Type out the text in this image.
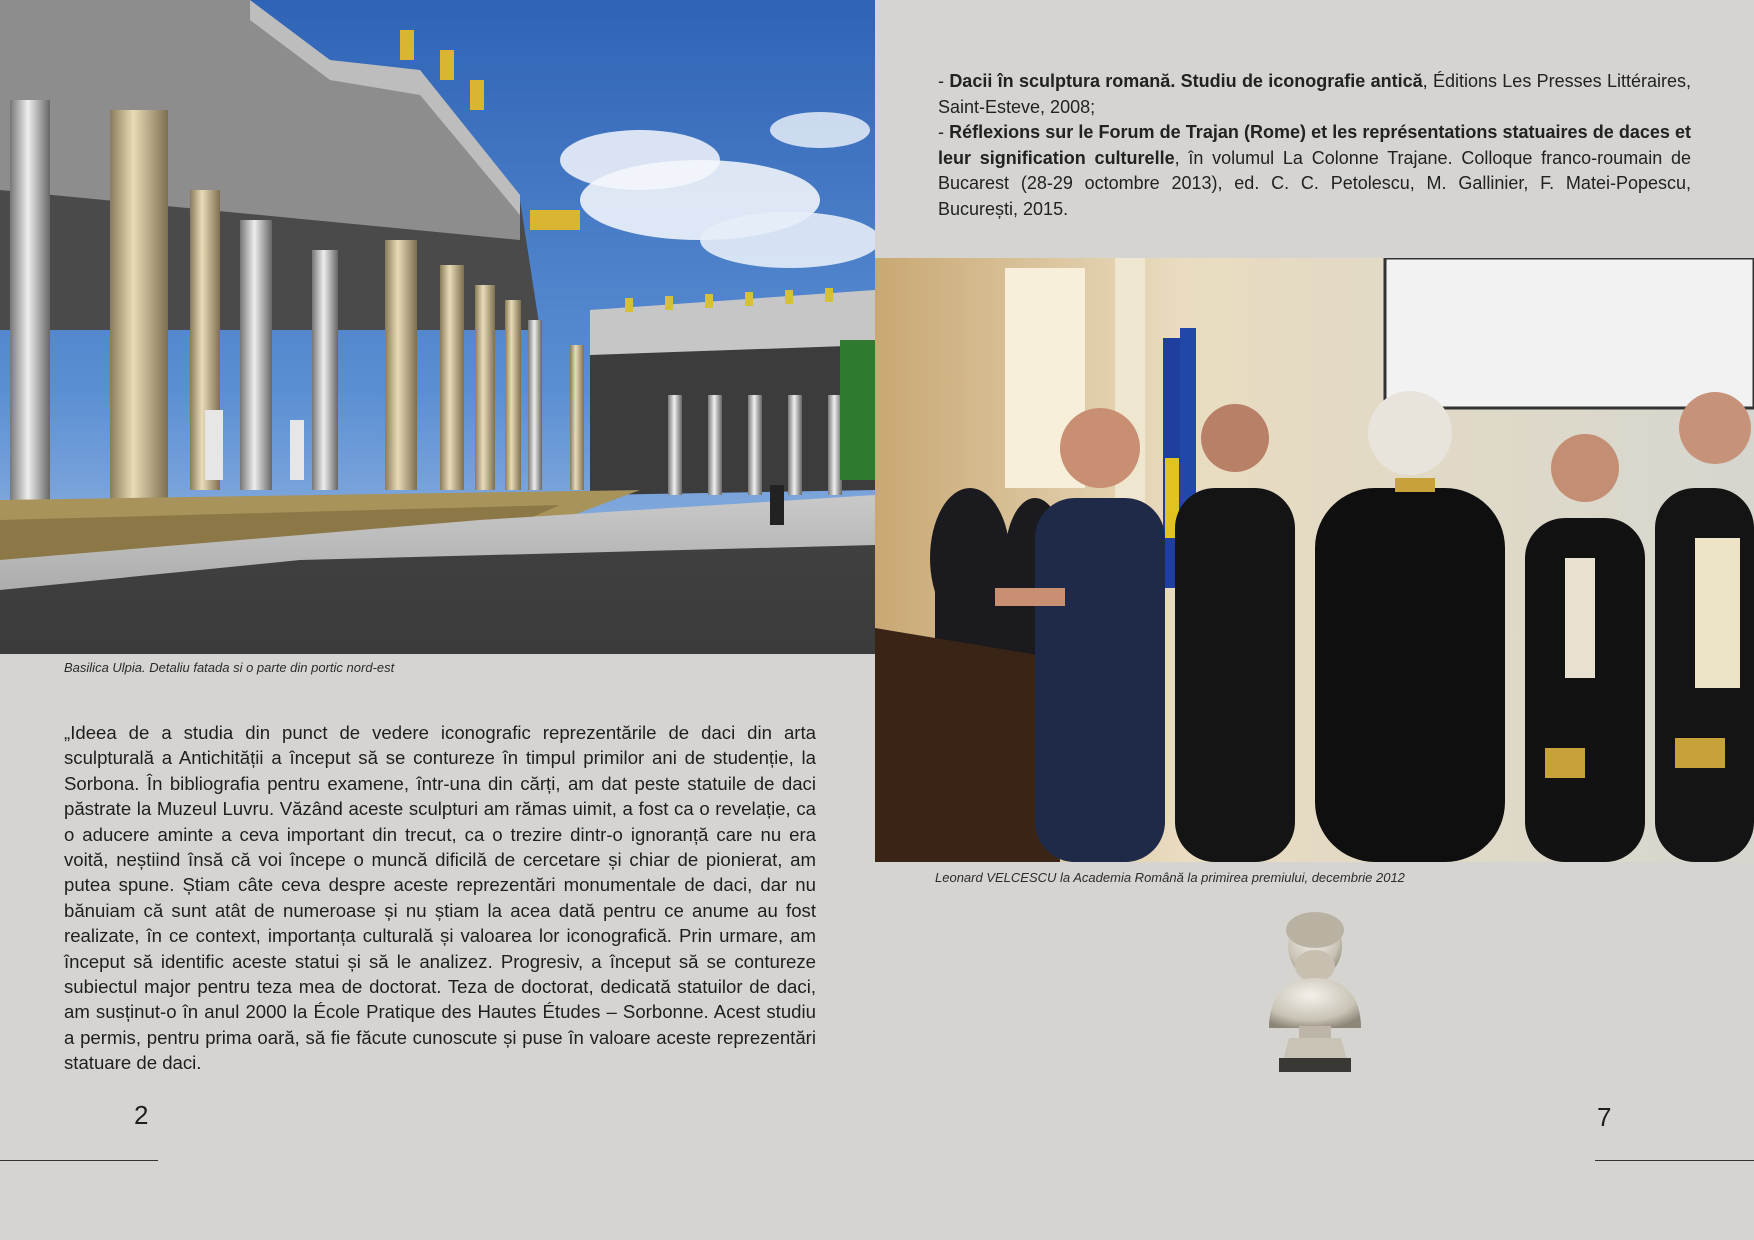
Basilica Ulpia. Detaliu fatada si o parte din portic nord-est
„Ideea de a studia din punct de vedere iconografic reprezentările de daci din arta sculpturală a Antichității a început să se contureze în timpul primilor ani de studenție, la Sorbona. În bibliografia pentru examene, într-una din cărți, am dat peste statuile de daci păstrate la Muzeul Luvru. Văzând aceste sculpturi am rămas uimit, a fost ca o revelație, ca o aducere aminte a ceva important din trecut, ca o trezire dintr-o ignoranță care nu era voită, neștiind însă că voi începe o muncă dificilă de cercetare și chiar de pionierat, am putea spune. Știam câte ceva despre aceste reprezentări monumentale de daci, dar nu bănuiam că sunt atât de numeroase și nu știam la acea dată pentru ce anume au fost realizate, în ce context, importanța culturală și valoarea lor iconografică. Prin urmare, am început să identific aceste statui și să le analizez. Progresiv, a început să se contureze subiectul major pentru teza mea de doctorat. Teza de doctorat, dedicată statuilor de daci, am susținut-o în anul 2000 la École Pratique des Hautes Études – Sorbonne. Acest studiu a permis, pentru prima oară, să fie făcute cunoscute și puse în valoare aceste reprezentări statuare de daci.
2

- Dacii în sculptura romană. Studiu de iconografie antică, Éditions Les Presses Littéraires, Saint-Esteve, 2008;

- Réflexions sur le Forum de Trajan (Rome) et les représentations statuaires de daces et leur signification culturelle, în volumul La Colonne Trajane. Colloque franco-roumain de Bucarest (28-29 octombre 2013), ed. C. C. Petolescu, M. Gallinier, F. Matei-Popescu, București, 2015.

Leonard VELCESCU la Academia Română la primirea premiului, decembrie 2012
7
